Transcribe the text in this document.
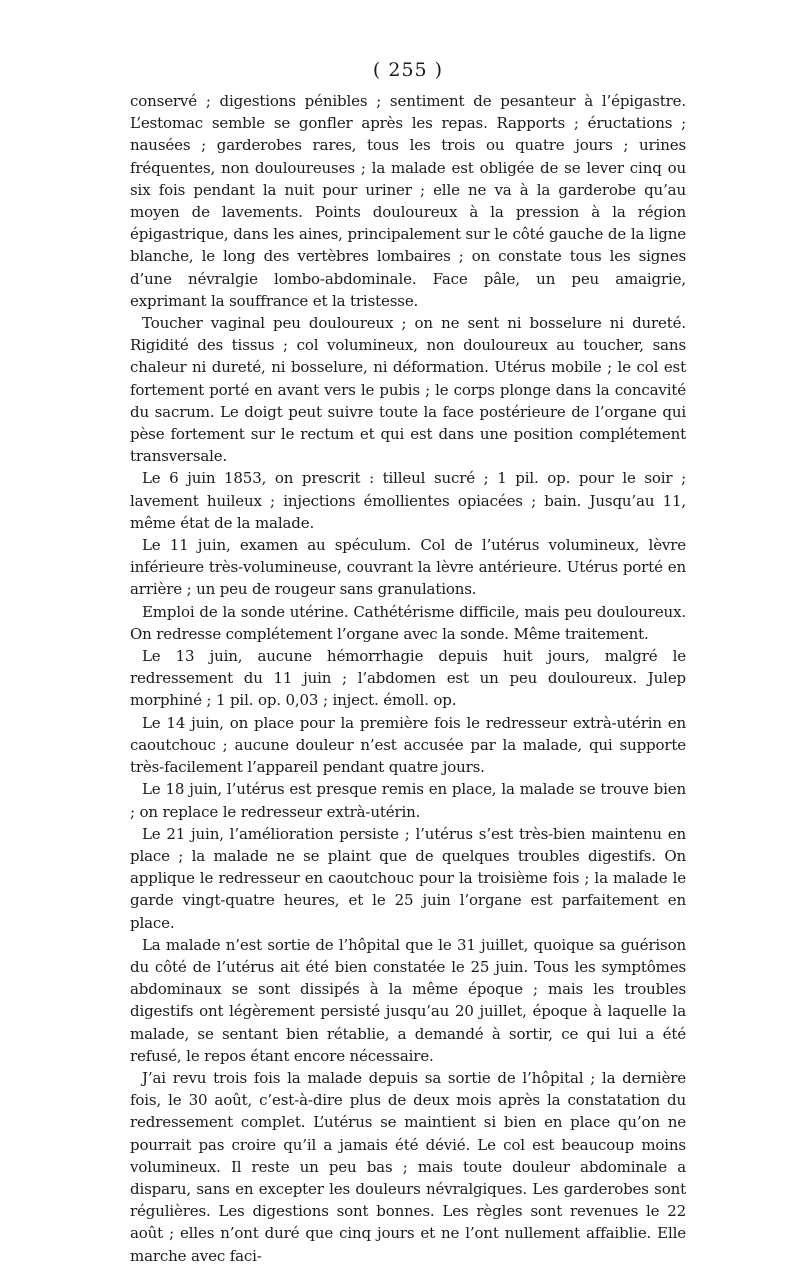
( 255 )

conservé ; digestions pénibles ; sentiment de pesanteur à l’épigastre. L’estomac semble se gonfler après les repas. Rapports ; éructations ; nausées ; garderobes rares, tous les trois ou quatre jours ; urines fréquentes, non douloureuses ; la malade est obligée de se lever cinq ou six fois pendant la nuit pour uriner ; elle ne va à la garderobe qu’au moyen de lavements. Points douloureux à la pression à la région épigastrique, dans les aines, principalement sur le côté gauche de la ligne blanche, le long des vertèbres lombaires ; on constate tous les signes d’une névralgie lombo-abdominale. Face pâle, un peu amaigrie, exprimant la souffrance et la tristesse.

Toucher vaginal peu douloureux ; on ne sent ni bosselure ni dureté. Rigidité des tissus ; col volumineux, non douloureux au toucher, sans chaleur ni dureté, ni bosselure, ni déformation. Utérus mobile ; le col est fortement porté en avant vers le pubis ; le corps plonge dans la concavité du sacrum. Le doigt peut suivre toute la face postérieure de l’organe qui pèse fortement sur le rectum et qui est dans une position complétement transversale.

Le 6 juin 1853, on prescrit : tilleul sucré ; 1 pil. op. pour le soir ; lavement huileux ; injections émollientes opiacées ; bain. Jusqu’au 11, même état de la malade.

Le 11 juin, examen au spéculum. Col de l’utérus volumineux, lèvre inférieure très-volumineuse, couvrant la lèvre antérieure. Utérus porté en arrière ; un peu de rougeur sans granulations.

Emploi de la sonde utérine. Cathétérisme difficile, mais peu douloureux. On redresse complétement l’organe avec la sonde. Même traitement.

Le 13 juin, aucune hémorrhagie depuis huit jours, malgré le redressement du 11 juin ; l’abdomen est un peu douloureux. Julep morphiné ; 1 pil. op. 0,03 ; inject. émoll. op.

Le 14 juin, on place pour la première fois le redresseur extrà-utérin en caoutchouc ; aucune douleur n’est accusée par la malade, qui supporte très-facilement l’appareil pendant quatre jours.

Le 18 juin, l’utérus est presque remis en place, la malade se trouve bien ; on replace le redresseur extrà-utérin.

Le 21 juin, l’amélioration persiste ; l’utérus s’est très-bien maintenu en place ; la malade ne se plaint que de quelques troubles digestifs. On applique le redresseur en caoutchouc pour la troisième fois ; la malade le garde vingt-quatre heures, et le 25 juin l’organe est parfaitement en place.

La malade n’est sortie de l’hôpital que le 31 juillet, quoique sa guérison du côté de l’utérus ait été bien constatée le 25 juin. Tous les symptômes abdominaux se sont dissipés à la même époque ; mais les troubles digestifs ont légèrement persisté jusqu’au 20 juillet, époque à laquelle la malade, se sentant bien rétablie, a demandé à sortir, ce qui lui a été refusé, le repos étant encore nécessaire.

J’ai revu trois fois la malade depuis sa sortie de l’hôpital ; la dernière fois, le 30 août, c’est-à-dire plus de deux mois après la constatation du redressement complet. L’utérus se maintient si bien en place qu’on ne pourrait pas croire qu’il a jamais été dévié. Le col est beaucoup moins volumineux. Il reste un peu bas ; mais toute douleur abdominale a disparu, sans en excepter les douleurs névralgiques. Les garderobes sont régulières. Les digestions sont bonnes. Les règles sont revenues le 22 août ; elles n’ont duré que cinq jours et ne l’ont nullement affaiblie. Elle marche avec faci-
